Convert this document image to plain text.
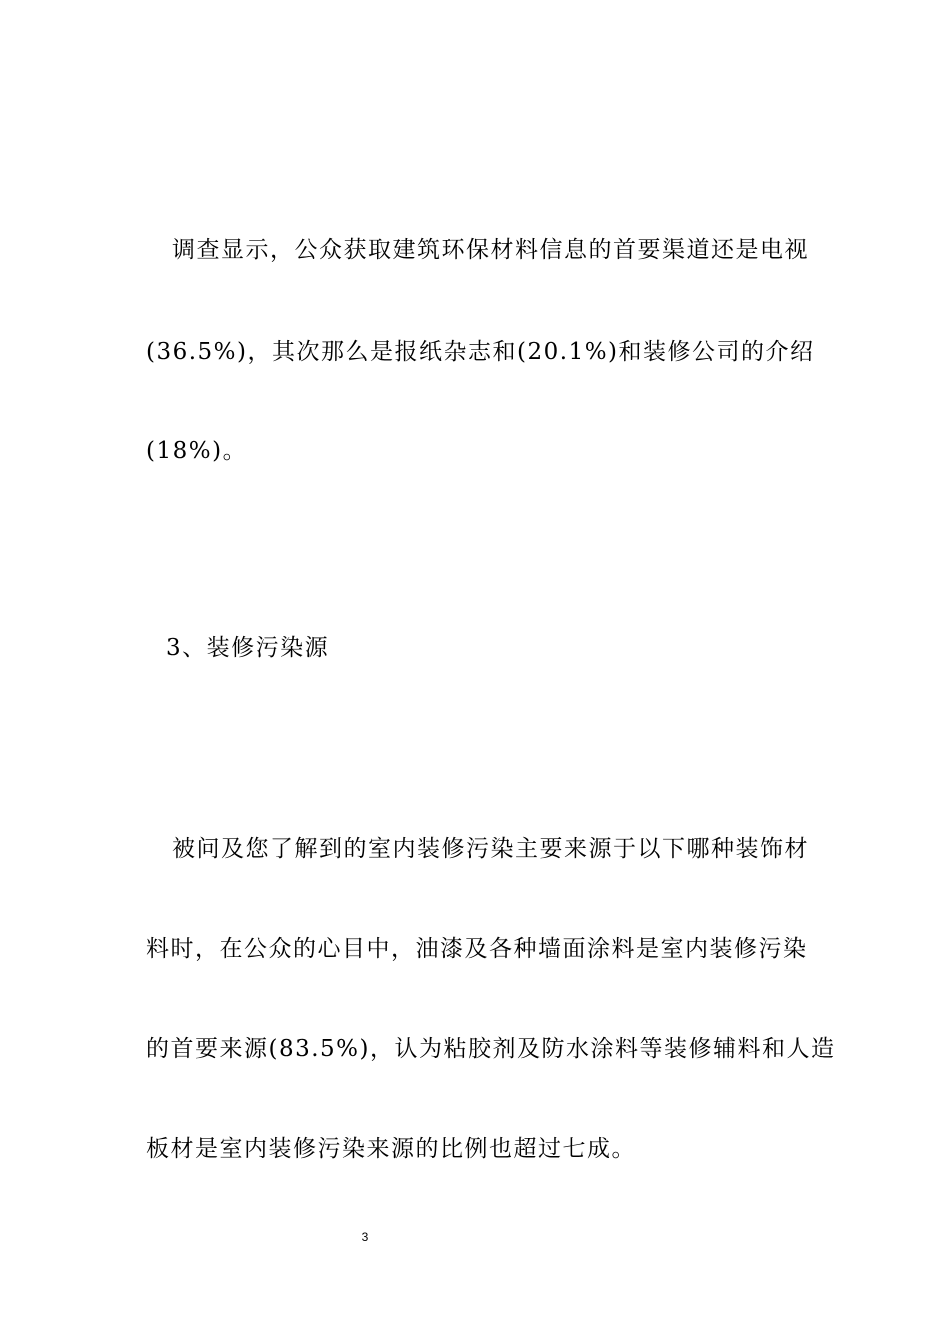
调查显示，公众获取建筑环保材料信息的首要渠道还是电视
(36.5%)，其次那么是报纸杂志和(20.1%)和装修公司的介绍
(18%)。
3、装修污染源
被问及您了解到的室内装修污染主要来源于以下哪种装饰材
料时，在公众的心目中，油漆及各种墙面涂料是室内装修污染
的首要来源(83.5%)，认为粘胶剂及防水涂料等装修辅料和人造
板材是室内装修污染来源的比例也超过七成。
3
